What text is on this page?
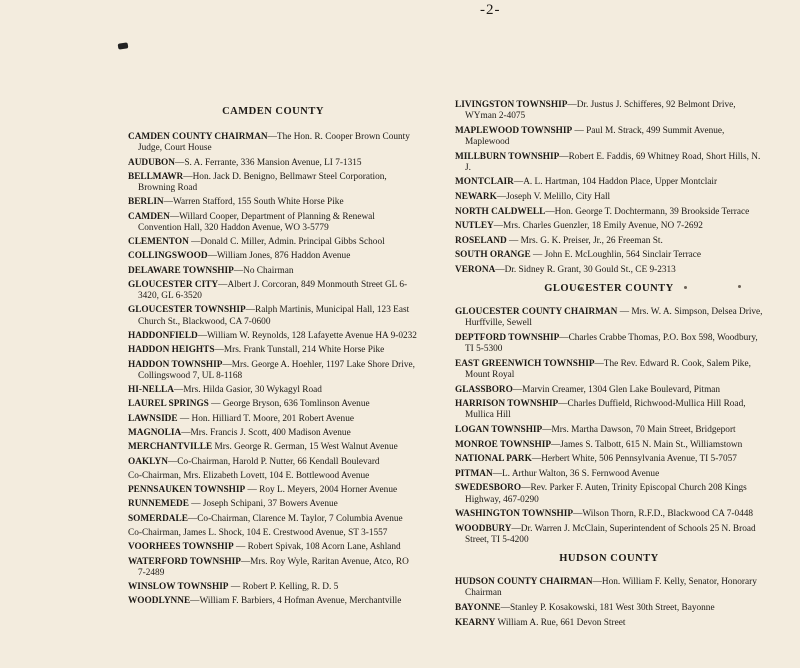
-2-
CAMDEN COUNTY
CAMDEN COUNTY CHAIRMAN—The Hon. R. Cooper Brown County Judge, Court House
AUDUBON—S. A. Ferrante, 336 Mansion Avenue, LI 7-1315
BELLMAWR—Hon. Jack D. Benigno, Bellmawr Steel Corporation, Browning Road
BERLIN—Warren Stafford, 155 South White Horse Pike
CAMDEN—Willard Cooper, Department of Planning & Renewal Convention Hall, 320 Haddon Avenue, WO 3-5779
CLEMENTON —Donald C. Miller, Admin. Principal Gibbs School
COLLINGSWOOD—William Jones, 876 Haddon Avenue
DELAWARE TOWNSHIP—No Chairman
GLOUCESTER CITY—Albert J. Corcoran, 849 Monmouth Street GL 6-3420, GL 6-3520
GLOUCESTER TOWNSHIP—Ralph Martinis, Municipal Hall, 123 East Church St., Blackwood, CA 7-0600
HADDONFIELD—William W. Reynolds, 128 Lafayette Avenue HA 9-0232
HADDON HEIGHTS—Mrs. Frank Tunstall, 214 White Horse Pike
HADDON TOWNSHIP—Mrs. George A. Hoehler, 1197 Lake Shore Drive, Collingswood 7, UL 8-1168
HI-NELLA—Mrs. Hilda Gasior, 30 Wykagyl Road
LAUREL SPRINGS — George Bryson, 636 Tomlinson Avenue
LAWNSIDE — Hon. Hilliard T. Moore, 201 Robert Avenue
MAGNOLIA—Mrs. Francis J. Scott, 400 Madison Avenue
MERCHANTVILLE Mrs. George R. German, 15 West Walnut Avenue
OAKLYN—Co-Chairman, Harold P. Nutter, 66 Kendall Boulevard
Co-Chairman, Mrs. Elizabeth Lovett, 104 E. Bottlewood Avenue
PENNSAUKEN TOWNSHIP — Roy L. Meyers, 2004 Horner Avenue
RUNNEMEDE — Joseph Schipani, 37 Bowers Avenue
SOMERDALE—Co-Chairman, Clarence M. Taylor, 7 Columbia Avenue
Co-Chairman, James L. Shock, 104 E. Crestwood Avenue, ST 3-1557
VOORHEES TOWNSHIP — Robert Spivak, 108 Acorn Lane, Ashland
WATERFORD TOWNSHIP—Mrs. Roy Wyle, Raritan Avenue, Atco, RO 7-2489
WINSLOW TOWNSHIP — Robert P. Kelling, R. D. 5
WOODLYNNE—William F. Barbiers, 4 Hofman Avenue, Merchantville
LIVINGSTON TOWNSHIP—Dr. Justus J. Schifferes, 92 Belmont Drive, WYman 2-4075
MAPLEWOOD TOWNSHIP — Paul M. Strack, 499 Summit Avenue, Maplewood
MILLBURN TOWNSHIP—Robert E. Faddis, 69 Whitney Road, Short Hills, N. J.
MONTCLAIR—A. L. Hartman, 104 Haddon Place, Upper Montclair
NEWARK—Joseph V. Melillo, City Hall
NORTH CALDWELL—Hon. George T. Dochtermann, 39 Brookside Terrace
NUTLEY—Mrs. Charles Guenzler, 18 Emily Avenue, NO 7-2692
ROSELAND — Mrs. G. K. Preiser, Jr., 26 Freeman St.
SOUTH ORANGE — John E. McLoughlin, 564 Sinclair Terrace
VERONA—Dr. Sidney R. Grant, 30 Gould St., CE 9-2313
GLOUCESTER COUNTY
GLOUCESTER COUNTY CHAIRMAN — Mrs. W. A. Simpson, Delsea Drive, Hurffville, Sewell
DEPTFORD TOWNSHIP—Charles Crabbe Thomas, P.O. Box 598, Woodbury, TI 5-5300
EAST GREENWICH TOWNSHIP—The Rev. Edward R. Cook, Salem Pike, Mount Royal
GLASSBORO—Marvin Creamer, 1304 Glen Lake Boulevard, Pitman
HARRISON TOWNSHIP—Charles Duffield, Richwood-Mullica Hill Road, Mullica Hill
LOGAN TOWNSHIP—Mrs. Martha Dawson, 70 Main Street, Bridgeport
MONROE TOWNSHIP—James S. Talbott, 615 N. Main St., Williamstown
NATIONAL PARK—Herbert White, 506 Pennsylvania Avenue, TI 5-7057
PITMAN—L. Arthur Walton, 36 S. Fernwood Avenue
SWEDESBORO—Rev. Parker F. Auten, Trinity Episcopal Church 208 Kings Highway, 467-0290
WASHINGTON TOWNSHIP—Wilson Thorn, R.F.D., Blackwood CA 7-0448
WOODBURY—Dr. Warren J. McClain, Superintendent of Schools 25 N. Broad Street, TI 5-4200
HUDSON COUNTY
HUDSON COUNTY CHAIRMAN—Hon. William F. Kelly, Senator, Honorary Chairman
BAYONNE—Stanley P. Kosakowski, 181 West 30th Street, Bayonne
KEARNY William A. Rue, 661 Devon Street
